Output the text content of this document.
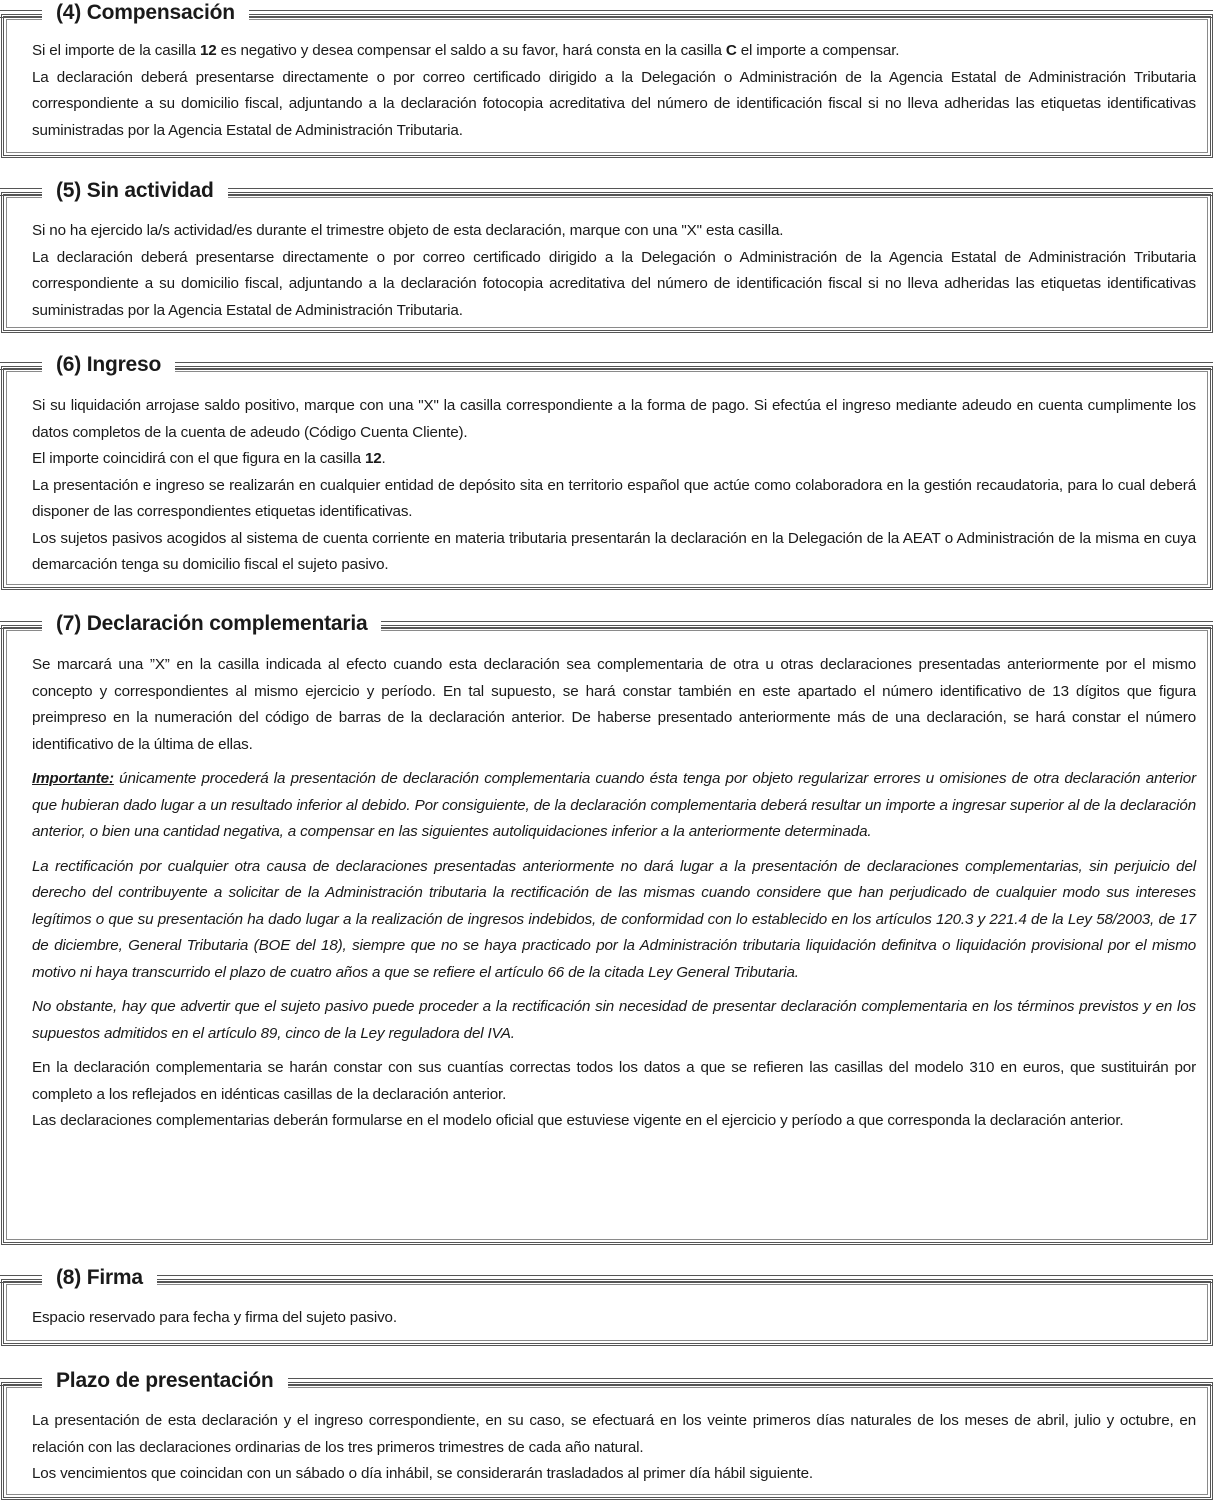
(4) Compensación

Si el importe de la casilla 12 es negativo y desea compensar el saldo a su favor, hará consta en la casilla C el importe a compensar.

La declaración deberá presentarse directamente o por correo certificado dirigido a la Delegación o Administración de la Agencia Estatal de Administración Tributaria correspondiente a su domicilio fiscal, adjuntando a la declaración fotocopia acreditativa del número de identificación fiscal si no lleva adheridas las etiquetas identificativas suministradas por la Agencia Estatal de Administración Tributaria.

(5) Sin actividad

Si no ha ejercido la/s actividad/es durante el trimestre objeto de esta declaración, marque con una "X" esta casilla.

La declaración deberá presentarse directamente o por correo certificado dirigido a la Delegación o Administración de la Agencia Estatal de Administración Tributaria correspondiente a su domicilio fiscal, adjuntando a la declaración fotocopia acreditativa del número de identificación fiscal si no lleva adheridas las etiquetas identificativas suministradas por la Agencia Estatal de Administración Tributaria.

(6) Ingreso

Si su liquidación arrojase saldo positivo, marque con una "X" la casilla correspondiente a la forma de pago. Si efectúa el ingreso mediante adeudo en cuenta cumplimente los datos completos de la cuenta de adeudo (Código Cuenta Cliente).

El importe coincidirá con el que figura en la casilla 12.

La presentación e ingreso se realizarán en cualquier entidad de depósito sita en territorio español que actúe como colaboradora en la gestión recaudatoria, para lo cual deberá disponer de las correspondientes etiquetas identificativas.

Los sujetos pasivos acogidos al sistema de cuenta corriente en materia tributaria presentarán la declaración en la Delegación de la AEAT o Administración de la misma en cuya demarcación tenga su domicilio fiscal el sujeto pasivo.

(7) Declaración complementaria

Se marcará una ”X” en la casilla indicada al efecto cuando esta declaración sea complementaria de otra u otras declaraciones presentadas anteriormente por el mismo concepto y correspondientes al mismo ejercicio y período. En tal supuesto, se hará constar también en este apartado el número identificativo de 13 dígitos que figura preimpreso en la numeración del código de barras de la declaración anterior. De haberse presentado anteriormente más de una declaración, se hará constar el número identificativo de la última de ellas.

Importante: únicamente procederá la presentación de declaración complementaria cuando ésta tenga por objeto regularizar errores u omisiones de otra declaración anterior que hubieran dado lugar a un resultado inferior al debido. Por consiguiente, de la declaración complementaria deberá resultar un importe a ingresar superior al de la declaración anterior, o bien una cantidad negativa, a compensar en las siguientes autoliquidaciones inferior a la anteriormente determinada.

La rectificación por cualquier otra causa de declaraciones presentadas anteriormente no dará lugar a la presentación de declaraciones complementarias, sin perjuicio del derecho del contribuyente a solicitar de la Administración tributaria la rectificación de las mismas cuando considere que han perjudicado de cualquier modo sus intereses legítimos o que su presentación ha dado lugar a la realización de ingresos indebidos, de conformidad con lo establecido en los artículos 120.3 y 221.4 de la Ley 58/2003, de 17 de diciembre, General Tributaria (BOE del 18), siempre que no se haya practicado por la Administración tributaria liquidación definitva o liquidación provisional por el mismo motivo ni haya transcurrido el plazo de cuatro años a que se refiere el artículo 66 de la citada Ley General Tributaria.

No obstante, hay que advertir que el sujeto pasivo puede proceder a la rectificación sin necesidad de presentar declaración complementaria en los términos previstos y en los supuestos admitidos en el artículo 89, cinco de la Ley reguladora del IVA.

En la declaración complementaria se harán constar con sus cuantías correctas todos los datos a que se refieren las casillas del modelo 310 en euros, que sustituirán por completo a los reflejados en idénticas casillas de la declaración anterior.

Las declaraciones complementarias deberán formularse en el modelo oficial que estuviese vigente en el ejercicio y período a que corresponda la declaración anterior.

(8) Firma

Espacio reservado para fecha y firma del sujeto pasivo.

Plazo de presentación

La presentación de esta declaración y el ingreso correspondiente, en su caso, se efectuará en los veinte primeros días naturales de los meses de abril, julio y octubre, en relación con las declaraciones ordinarias de los tres primeros trimestres de cada año natural.

Los vencimientos que coincidan con un sábado o día inhábil, se considerarán trasladados al primer día hábil siguiente.
